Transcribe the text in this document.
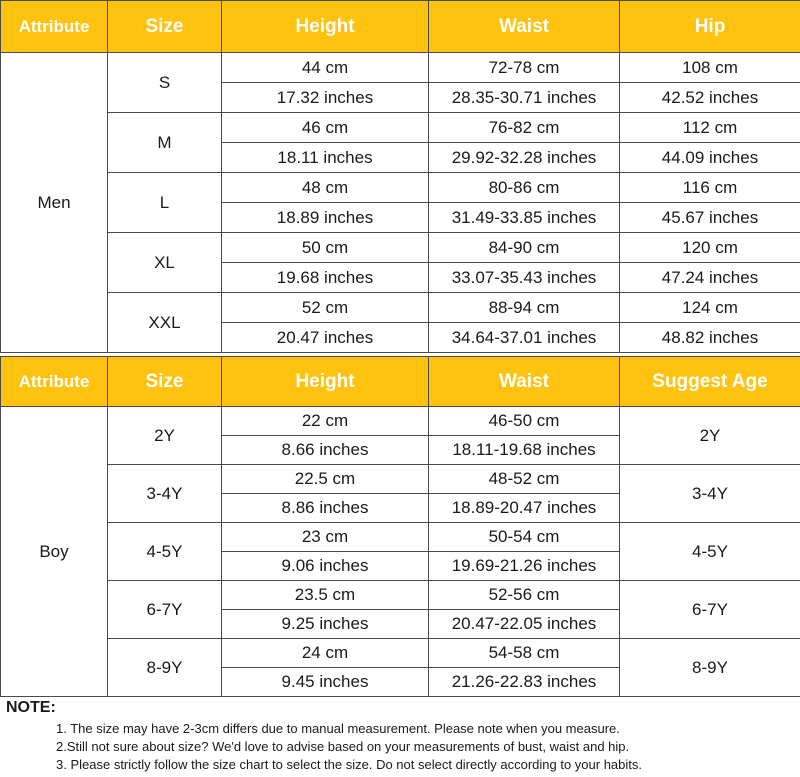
Attribute	Size	Height	Waist	Hip
Men	S	44 cm	72-78 cm	108 cm
		17.32 inches	28.35-30.71 inches	42.52 inches
	M	46 cm	76-82 cm	112 cm
		18.11 inches	29.92-32.28 inches	44.09 inches
	L	48 cm	80-86 cm	116 cm
		18.89 inches	31.49-33.85 inches	45.67 inches
	XL	50 cm	84-90 cm	120 cm
		19.68 inches	33.07-35.43 inches	47.24 inches
	XXL	52 cm	88-94 cm	124 cm
		20.47 inches	34.64-37.01 inches	48.82 inches
Attribute	Size	Height	Waist	Suggest Age
Boy	2Y	22 cm	46-50 cm	2Y
		8.66 inches	18.11-19.68 inches	
	3-4Y	22.5 cm	48-52 cm	3-4Y
		8.86 inches	18.89-20.47 inches	
	4-5Y	23 cm	50-54 cm	4-5Y
		9.06 inches	19.69-21.26 inches	
	6-7Y	23.5 cm	52-56 cm	6-7Y
		9.25 inches	20.47-22.05 inches	
	8-9Y	24 cm	54-58 cm	8-9Y
		9.45 inches	21.26-22.83 inches	
NOTE:
1. The size may have 2-3cm differs due to manual measurement. Please note when you measure.
2.Still not sure about size? We'd love to advise based on your measurements of bust, waist and hip.
3. Please strictly follow the size chart to select the size. Do not select directly according to your habits.
